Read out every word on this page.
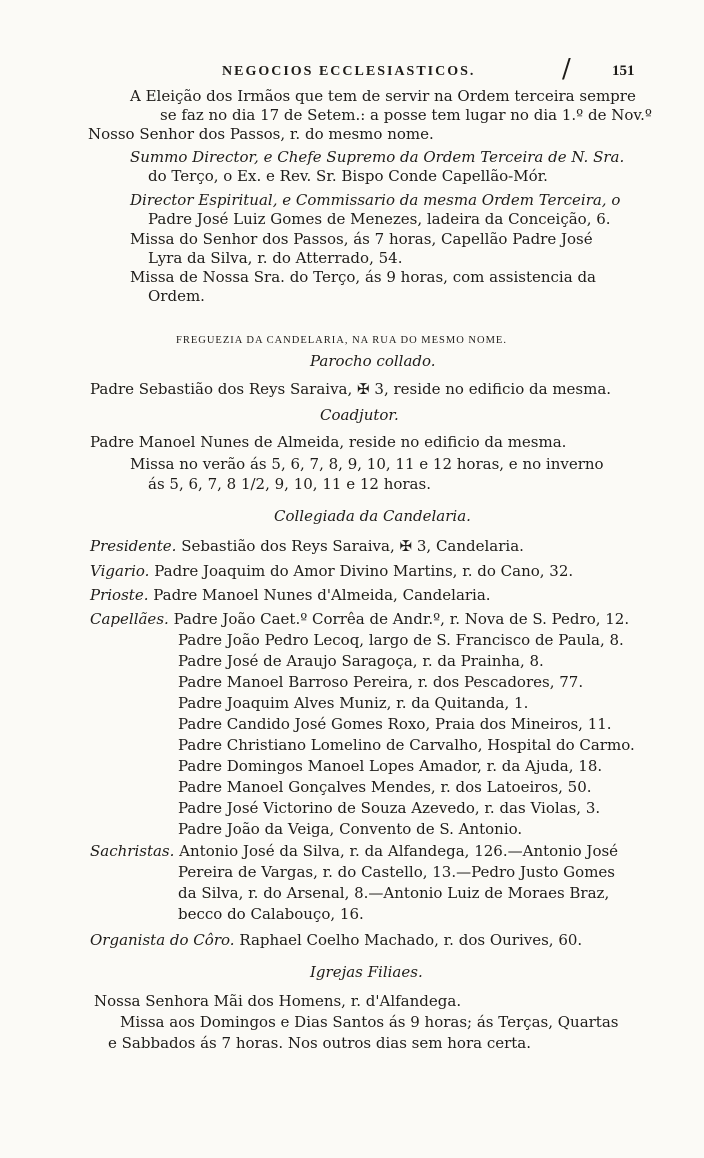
NEGOCIOS ECCLESIASTICOS.	/	151
A Eleição dos Irmãos que tem de servir na Ordem terceira sempre
se faz no dia 17 de Setem.: a posse tem lugar no dia 1.º de Nov.º
Nosso Senhor dos Passos, r. do mesmo nome.
Summo Director, e Chefe Supremo da Ordem Terceira de N. Sra.
do Terço, o Ex. e Rev. Sr. Bispo Conde Capellão-Mór.
Director Espiritual, e Commissario da mesma Ordem Terceira, o
Padre José Luiz Gomes de Menezes, ladeira da Conceição, 6.
Missa do Senhor dos Passos, ás 7 horas, Capellão Padre José
Lyra da Silva, r. do Atterrado, 54.
Missa de Nossa Sra. do Terço, ás 9 horas, com assistencia da
Ordem.
FREGUEZIA DA CANDELARIA, NA RUA DO MESMO NOME.
Parocho collado.
Padre Sebastião dos Reys Saraiva, ✠ 3, reside no edificio da mesma.
Coadjutor.
Padre Manoel Nunes de Almeida, reside no edificio da mesma.
Missa no verão ás 5, 6, 7, 8, 9, 10, 11 e 12 horas, e no inverno
ás 5, 6, 7, 8 1/2, 9, 10, 11 e 12 horas.
Collegiada da Candelaria.
Presidente. Sebastião dos Reys Saraiva, ✠ 3, Candelaria.
Vigario. Padre Joaquim do Amor Divino Martins, r. do Cano, 32.
Prioste. Padre Manoel Nunes d'Almeida, Candelaria.
Capellães. Padre João Caet.º Corrêa de Andr.º, r. Nova de S. Pedro, 12.
Padre João Pedro Lecoq, largo de S. Francisco de Paula, 8.
Padre José de Araujo Saragoça, r. da Prainha, 8.
Padre Manoel Barroso Pereira, r. dos Pescadores, 77.
Padre Joaquim Alves Muniz, r. da Quitanda, 1.
Padre Candido José Gomes Roxo, Praia dos Mineiros, 11.
Padre Christiano Lomelino de Carvalho, Hospital do Carmo.
Padre Domingos Manoel Lopes Amador, r. da Ajuda, 18.
Padre Manoel Gonçalves Mendes, r. dos Latoeiros, 50.
Padre José Victorino de Souza Azevedo, r. das Violas, 3.
Padre João da Veiga, Convento de S. Antonio.
Sachristas. Antonio José da Silva, r. da Alfandega, 126.—Antonio José
Pereira de Vargas, r. do Castello, 13.—Pedro Justo Gomes
da Silva, r. do Arsenal, 8.—Antonio Luiz de Moraes Braz,
becco do Calabouço, 16.
Organista do Côro. Raphael Coelho Machado, r. dos Ourives, 60.
Igrejas Filiaes.
Nossa Senhora Mãi dos Homens, r. d'Alfandega.
Missa aos Domingos e Dias Santos ás 9 horas; ás Terças, Quartas
e Sabbados ás 7 horas. Nos outros dias sem hora certa.
